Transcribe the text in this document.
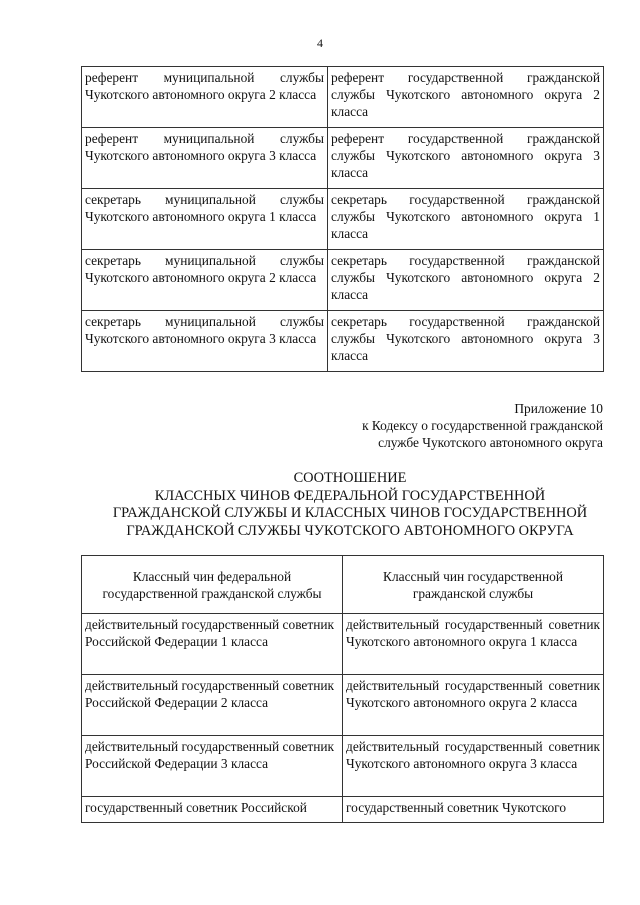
4
референт муниципальной службы Чукотского автономного округа 2 класса	референт государственной гражданской службы Чукотского автономного округа 2 класса
референт муниципальной службы Чукотского автономного округа 3 класса	референт государственной гражданской службы Чукотского автономного округа 3 класса
секретарь муниципальной службы Чукотского автономного округа 1 класса	секретарь государственной гражданской службы Чукотского автономного округа 1 класса
секретарь муниципальной службы Чукотского автономного округа 2 класса	секретарь государственной гражданской службы Чукотского автономного округа 2 класса
секретарь муниципальной службы Чукотского автономного округа 3 класса	секретарь государственной гражданской службы Чукотского автономного округа 3 класса
Приложение 10
к Кодексу о государственной гражданской
службе Чукотского автономного округа
СООТНОШЕНИЕ
КЛАССНЫХ ЧИНОВ ФЕДЕРАЛЬНОЙ ГОСУДАРСТВЕННОЙ
ГРАЖДАНСКОЙ СЛУЖБЫ И КЛАССНЫХ ЧИНОВ ГОСУДАРСТВЕННОЙ
ГРАЖДАНСКОЙ СЛУЖБЫ ЧУКОТСКОГО АВТОНОМНОГО ОКРУГА
Классный чин федеральной государственной гражданской службы	Классный чин государственной гражданской службы
действительный государственный советник Российской Федерации 1 класса	действительный государственный советник Чукотского автономного округа 1 класса
действительный государственный советник Российской Федерации 2 класса	действительный государственный советник Чукотского автономного округа 2 класса
действительный государственный советник Российской Федерации 3 класса	действительный государственный советник Чукотского автономного округа 3 класса
государственный советник Российской	государственный советник Чукотского
